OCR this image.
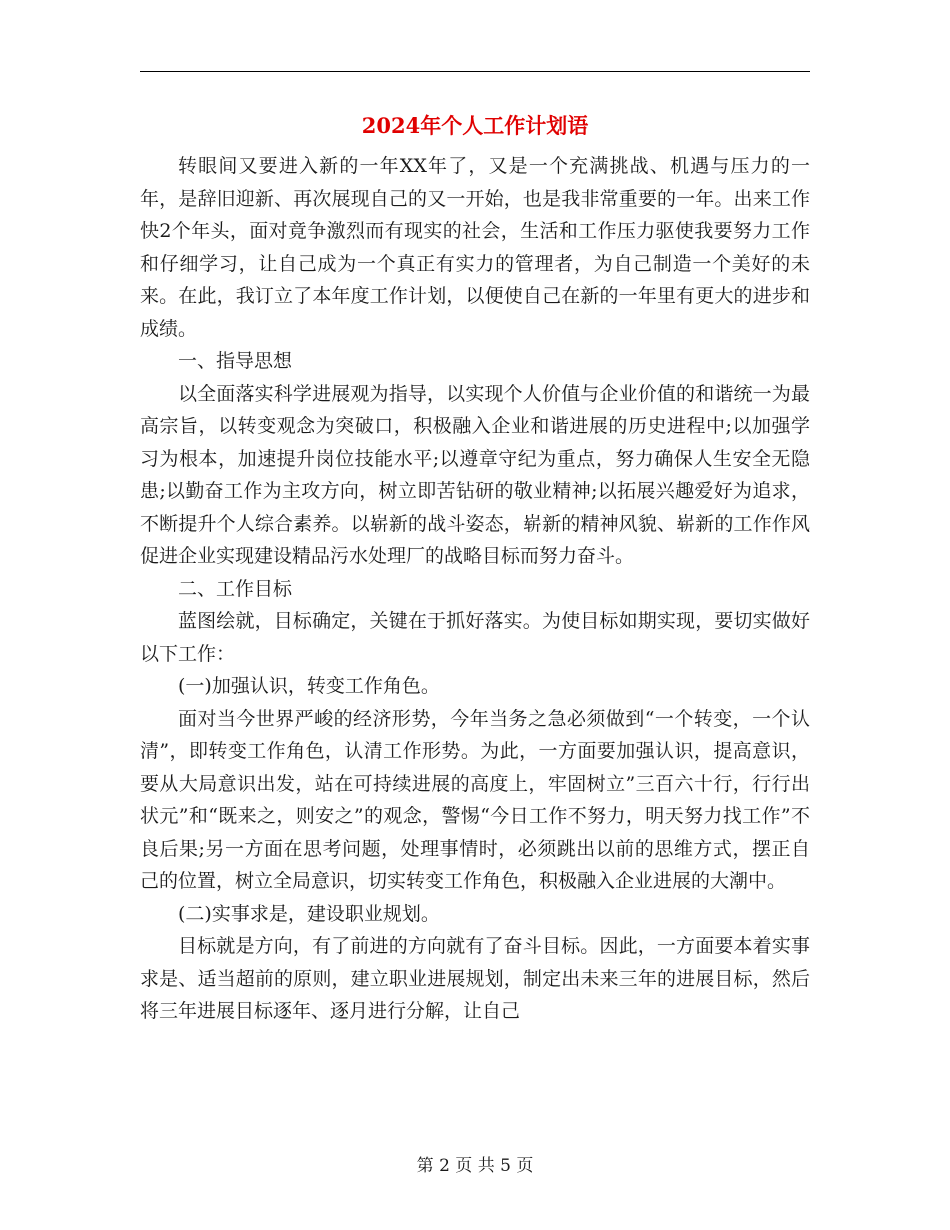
2024年个人工作计划语

转眼间又要进入新的一年XX年了，又是一个充满挑战、机遇与压力的一年，是辞旧迎新、再次展现自己的又一开始，也是我非常重要的一年。出来工作快2个年头，面对竟争激烈而有现实的社会，生活和工作压力驱使我要努力工作和仔细学习，让自己成为一个真正有实力的管理者，为自己制造一个美好的未来。在此，我订立了本年度工作计划，以便使自己在新的一年里有更大的进步和成绩。

一、指导思想

以全面落实科学进展观为指导，以实现个人价值与企业价值的和谐统一为最高宗旨，以转变观念为突破口，积极融入企业和谐进展的历史进程中;以加强学习为根本，加速提升岗位技能水平;以遵章守纪为重点，努力确保人生安全无隐患;以勤奋工作为主攻方向，树立即苦钻研的敬业精神;以拓展兴趣爱好为追求，不断提升个人综合素养。以崭新的战斗姿态，崭新的精神风貌、崭新的工作作风促进企业实现建设精品污水处理厂的战略目标而努力奋斗。

二、工作目标

蓝图绘就，目标确定，关键在于抓好落实。为使目标如期实现，要切实做好以下工作：

(一)加强认识，转变工作角色。

面对当今世界严峻的经济形势，今年当务之急必须做到“一个转变，一个认清”，即转变工作角色，认清工作形势。为此，一方面要加强认识，提高意识，要从大局意识出发，站在可持续进展的高度上，牢固树立”三百六十行，行行出状元”和“既来之，则安之”的观念，警惕“今日工作不努力，明天努力找工作”不良后果;另一方面在思考问题，处理事情时，必须跳出以前的思维方式，摆正自己的位置，树立全局意识，切实转变工作角色，积极融入企业进展的大潮中。

(二)实事求是，建设职业规划。

目标就是方向，有了前进的方向就有了奋斗目标。因此，一方面要本着实事求是、适当超前的原则，建立职业进展规划，制定出未来三年的进展目标，然后将三年进展目标逐年、逐月进行分解，让自己

第 2 页 共 5 页
